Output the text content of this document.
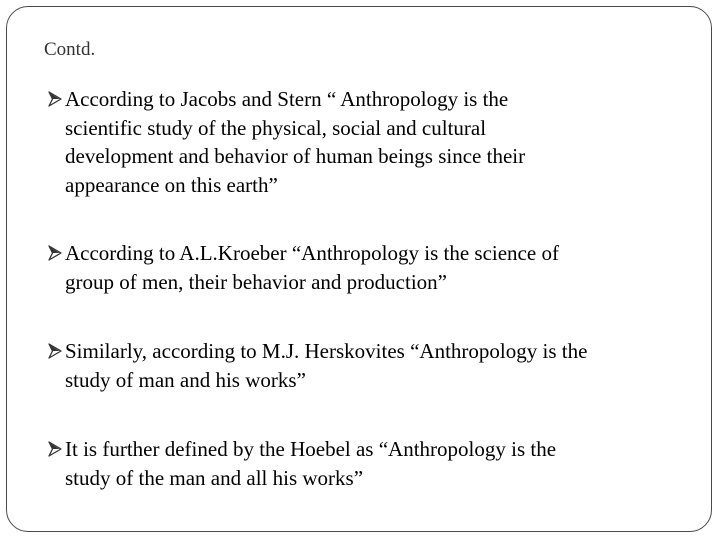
Contd.
According to Jacobs and Stern “ Anthropology is the
scientific study of the physical, social and cultural
development and behavior of human beings since their
appearance on this earth”
According to A.L.Kroeber “Anthropology is the science of
group of men, their behavior and production”
Similarly, according to M.J. Herskovites “Anthropology is the
study of man and his works”
It is further defined by the Hoebel as “Anthropology is the
study of the man and all his works”
